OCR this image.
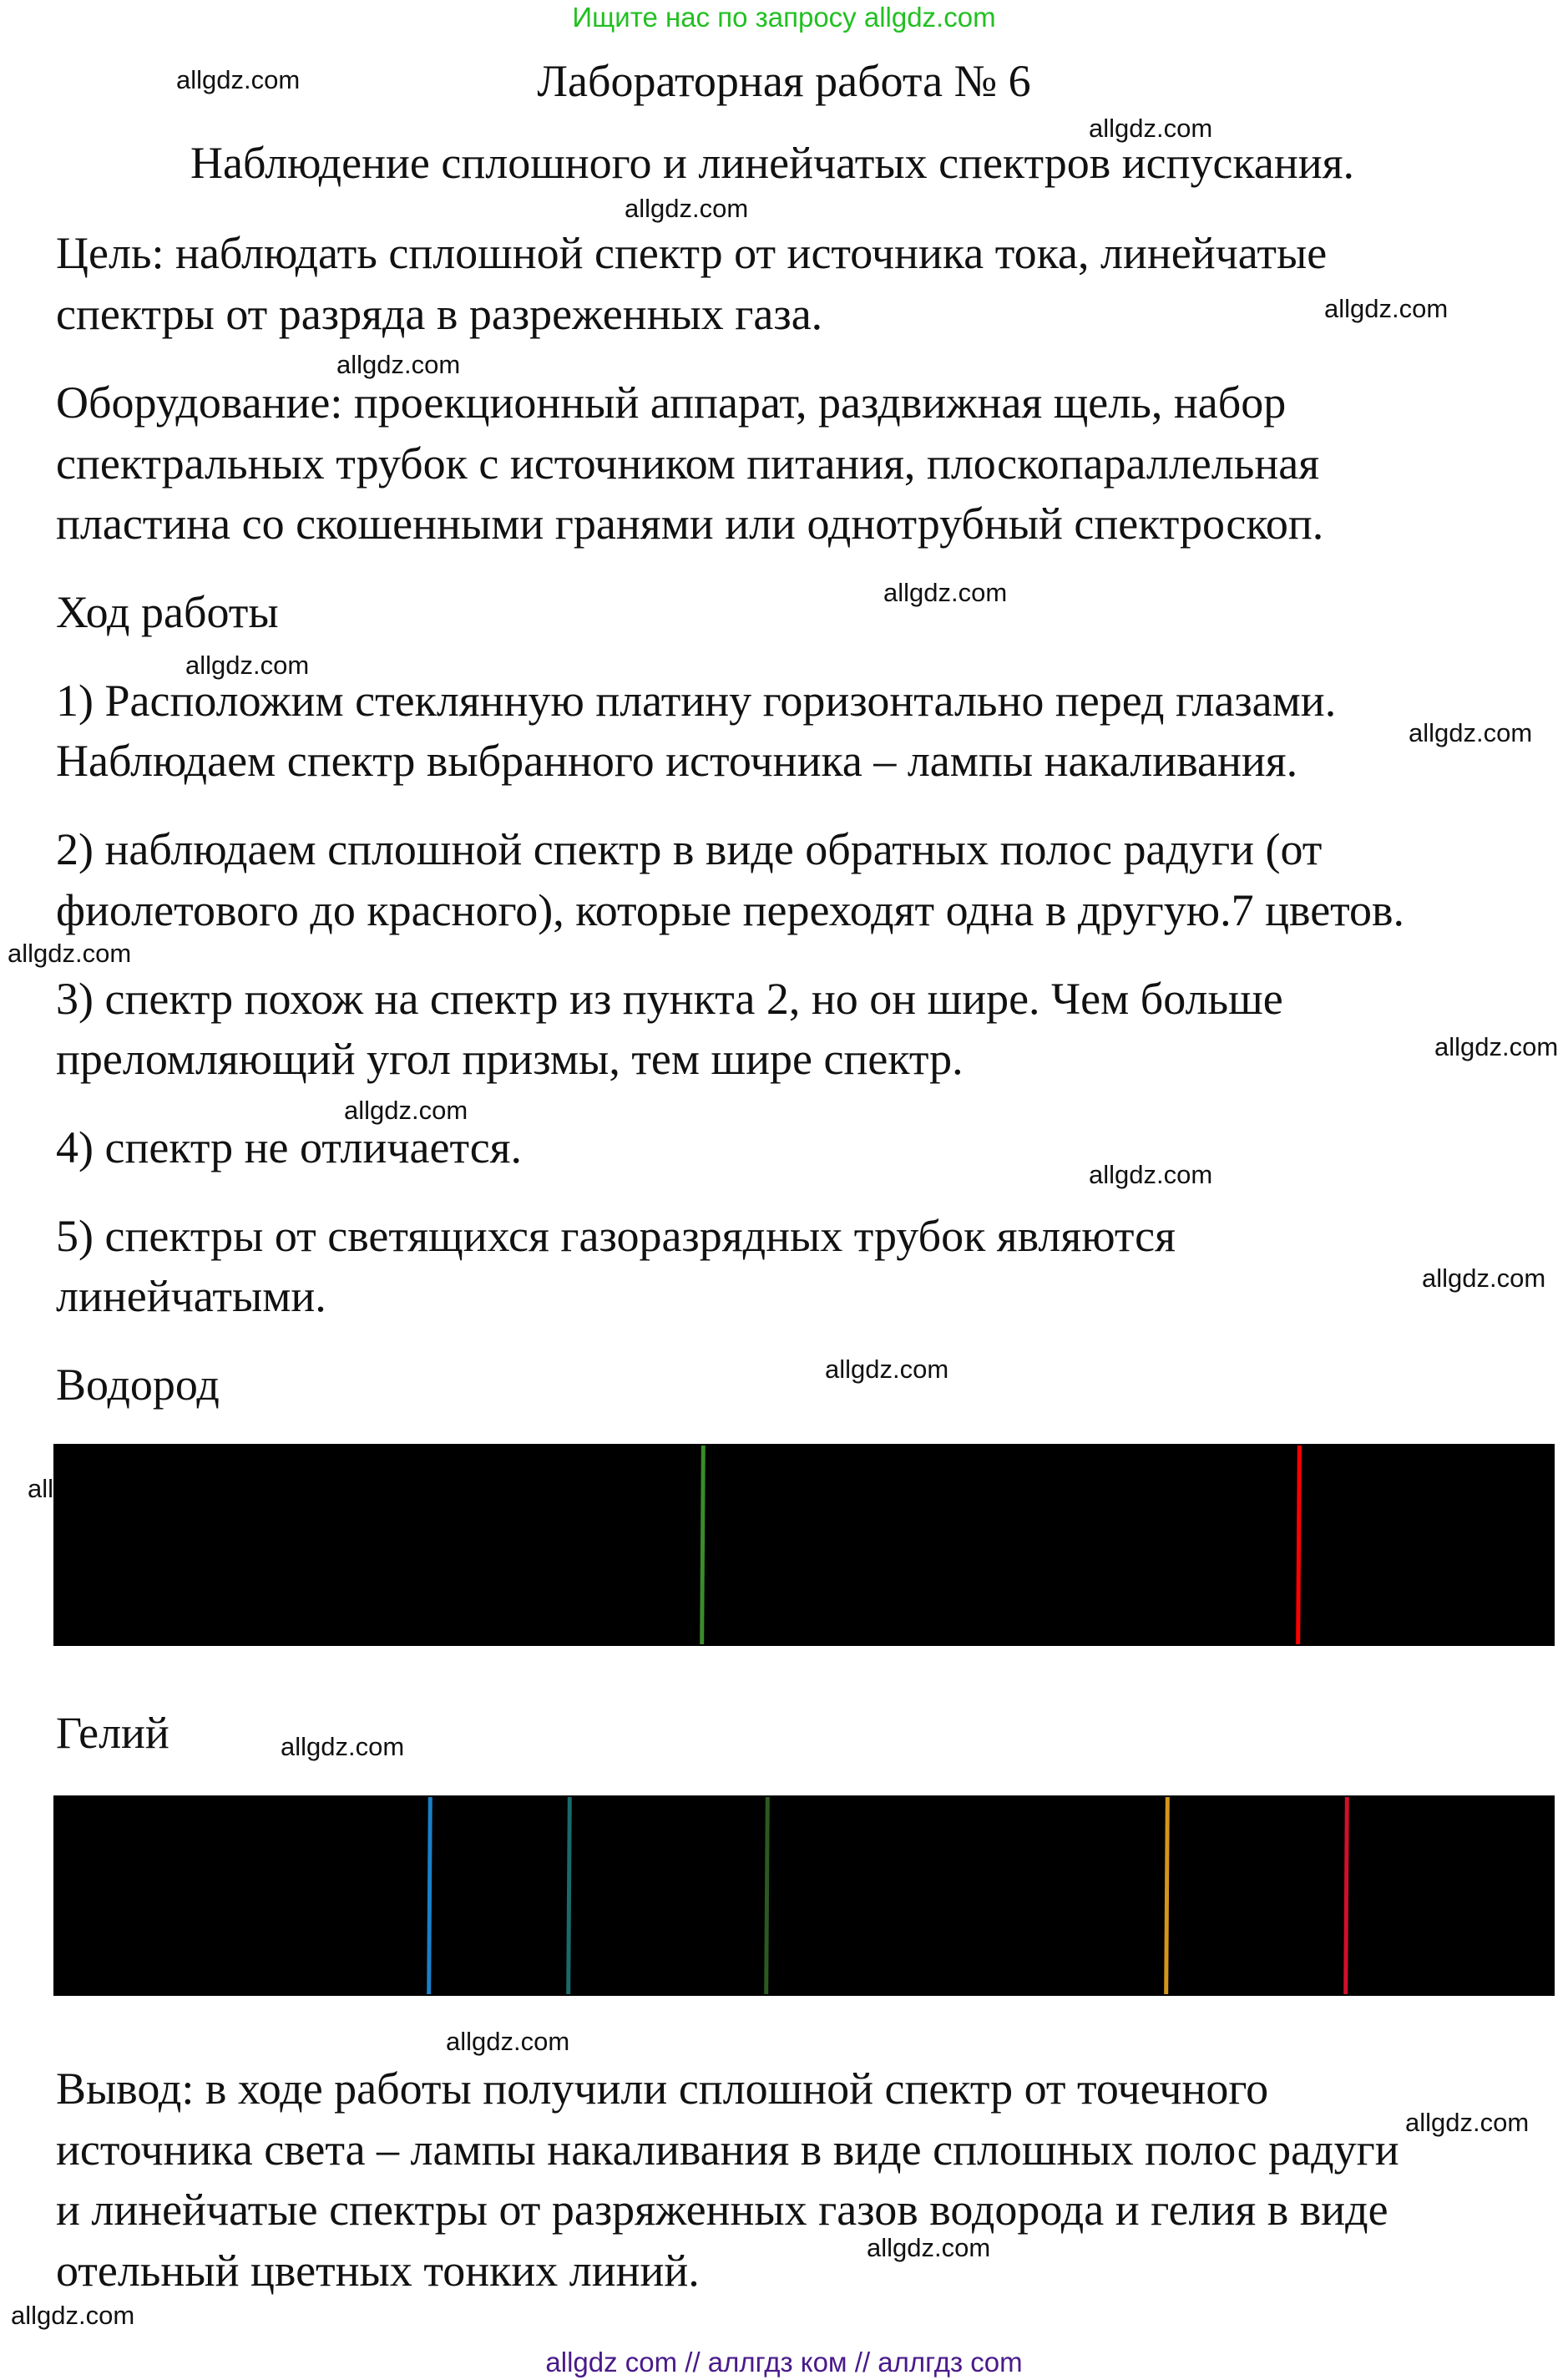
Ищите нас по запросу allgdz.com
Лабораторная работа № 6
Наблюдение сплошного и линейчатых спектров испускания.
Цель: наблюдать сплошной спектр от источника тока, линейчатые
спектры от разряда в разреженных газа.
Оборудование: проекционный аппарат, раздвижная щель, набор
спектральных трубок с источником питания, плоскопараллельная
пластина со скошенными гранями или однотрубный спектроскоп.
Ход работы
1) Расположим стеклянную платину горизонтально перед глазами.
Наблюдаем спектр выбранного источника – лампы накаливания.
2) наблюдаем сплошной спектр в виде обратных полос радуги (от
фиолетового до красного), которые переходят одна в другую.7 цветов.
3) спектр похож на спектр из пункта 2, но он шире. Чем больше
преломляющий угол призмы, тем шире спектр.
4) спектр не отличается.
5) спектры от светящихся газоразрядных трубок являются
линейчатыми.
Водород
Гелий
Вывод: в ходе работы получили сплошной спектр от точечного
источника света – лампы накаливания в виде сплошных полос радуги
и линейчатые спектры от разряженных газов водорода и гелия в виде
отельный цветных тонких линий.
allgdz.com
allgdz.com
allgdz.com
allgdz.com
allgdz.com
allgdz.com
allgdz.com
allgdz.com
allgdz.com
allgdz.com
allgdz.com
allgdz.com
allgdz.com
allgdz.com
all
allgdz.com
allgdz.com
allgdz.com
allgdz.com
allgdz.com
allgdz com // аллгдз ком // аллгдз com
